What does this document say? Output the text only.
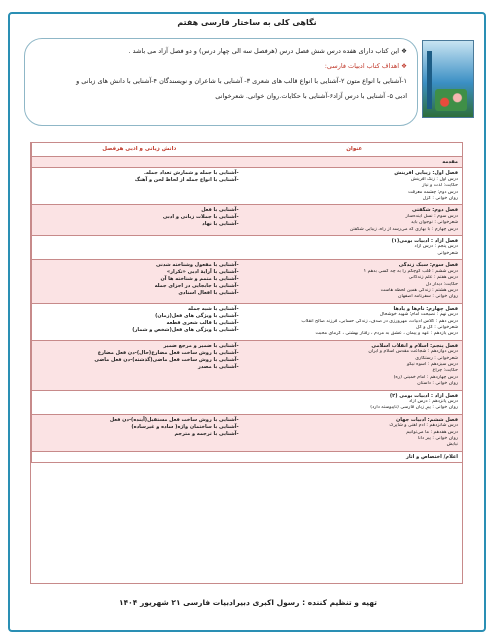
نگاهی کلی به ساختار فارسی هفتم

❖ این کتاب دارای هفده درس شش فصل درس (هرفصل سه الی چهار درس) و دو فصل آزاد می باشد .

❖ ‌اهداف کتاب ادبیات فارسی:

۱-آشنایی با انواع متون ۲-آشنایی با انواع قالب های شعری ۳- آشنایی با شاعران و نویسندگان ۴-آشنایی با دانش های زبانی و

ادبی ۵- آشنایی با درس آزاد۶-آشنایی با حکایات.روان خوانی. شعرخوانی

عنوان
دانش زبانی و ادبی هرفصل
مقدمه
فصل اول: زیبایی آفرینش
درس اول : زنگ آفرینش
حکایت: لذت و نیاز
درس دوم: چشمه معرفت
روان خوانی : گزل
-آشنایی با جمله و شمارش تعداد جمله.
-آشنایی با انواع جمله از لحاظ لحن و آهنگ
فصل دوم: شگفتی
درس سوم : نسل آینده‌ساز
شعرخوانی : نوجوان باید
درس چهارم : با بهاری که می‌رسد از راه، زیبایی شکفتن
-آشنایی با فعل
-آشنایی با جملات زبانی و ادبی
-آشنایی با نهاد
فصل آزاد : ادبیات بومی(۱)
درس پنجم : درس آزاد
شعرخوانی
فصل سوم: سبک زندگی
درس ششم : قلب کوچکم را به چه کسی بدهم ؟
درس هفتم : علم زندگانی
حکایت: دیدار دل
درس هشتم : زندگی همین لحظه هاست
روان خوانی : سفرنامه اصفهان
-آشنایی با مفعول وشناخته شدنی
-آشنایی با آرایۀ ادبی «تکرار»
-آشنایی با متمم و شناخته ها آن
-آشنایی با جابجایی در اجزای جمله
-آشنایی با افعال اسنادی
فصل چهارم: نام‌ها و یادها
درس نهم : نصیحت امام؛ شهید خوشحال
درس دهم : کلاس ادبیات، مهرورزی در صدف، زندگی حسابی، فرزند صالح انقلاب
شعرخوانی : گل و گل
درس یازدهم : عهد و پیمان ، عشق به مردم ، رفتار بهشتی ، گرمای محبت
-آشنایی با شبه جمله
-آشنایی با ویژگی های فعل(زمان)
-آشنایی با قالب شعری قطعه
-آشنایی با ویژگی های فعل(شخص و شمار)
فصل پنجم: اسلام و انقلاب اسلامی
درس دوازدهم : شجاعت مقدس اسلام و ایران
شعرخوانی : رستگاری
درس سیزدهم : اسوه نیکو
حکایت: چراغ
درس چهاردهم : امام خمینی (ره)
روان خوانی : داستان
-آشنایی با ضمیر و مرجع ضمیر
-آشنایی با روش ساخت فعل مضارع(حال)-دن فعل مضارع
-آشنایی با روش ساخت فعل ماضی(گذشته)-دن فعل ماضی
-آشنایی با مصدر
فصل آزاد : ادبیات بومی (۲)
درس پانزدهم : درس آزاد
روان خوانی : پیرِ زبان فارسی (ناپیوسته دارد)
فصل ششم: ادبیات جهان
درس شانزدهم : آدم آهنی و شاپرک
درس هفدهم : ما می‌توانیم
روان خوانی : پیر دانا
نیایش
-آشنایی با روش ساخت فعل مستقبل(آینده)-دن فعل
-آشنایی با ساختمان واژه( ساده و غیرساده)
-آشنایی با ترجمه و مترجم
اعلام/ اختصاص و آثار
تهیه و تنظیم کننده : رسول اکبری دبیرادبیات فارسی ۲۱ شهریور ۱۴۰۴
